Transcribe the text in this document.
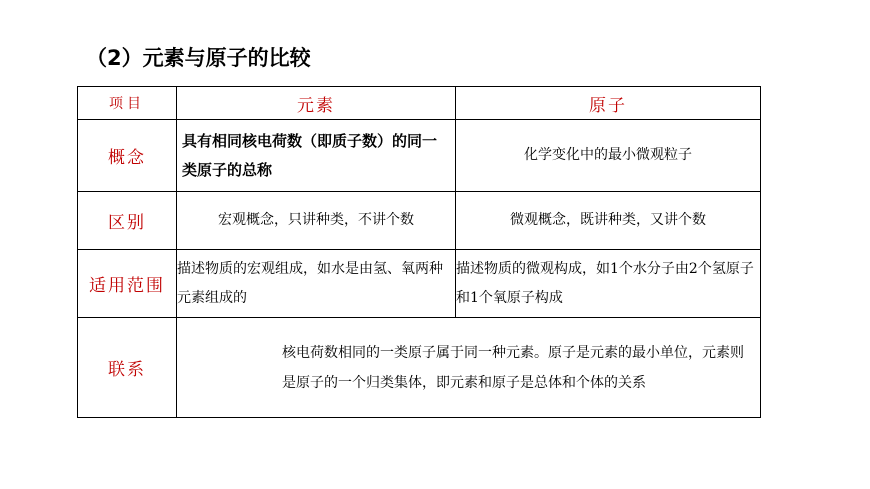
（2）元素与原子的比较
项目	元素	原子
概念	具有相同核电荷数（即质子数）的同一类原子的总称	化学变化中的最小微观粒子
区别	宏观概念，只讲种类，不讲个数	微观概念，既讲种类，又讲个数
适用范围	描述物质的宏观组成，如水是由氢、氧两种元素组成的	描述物质的微观构成，如1个水分子由2个氢原子和1个氧原子构成
联系	核电荷数相同的一类原子属于同一种元素。原子是元素的最小单位，元素则是原子的一个归类集体，即元素和原子是总体和个体的关系	
